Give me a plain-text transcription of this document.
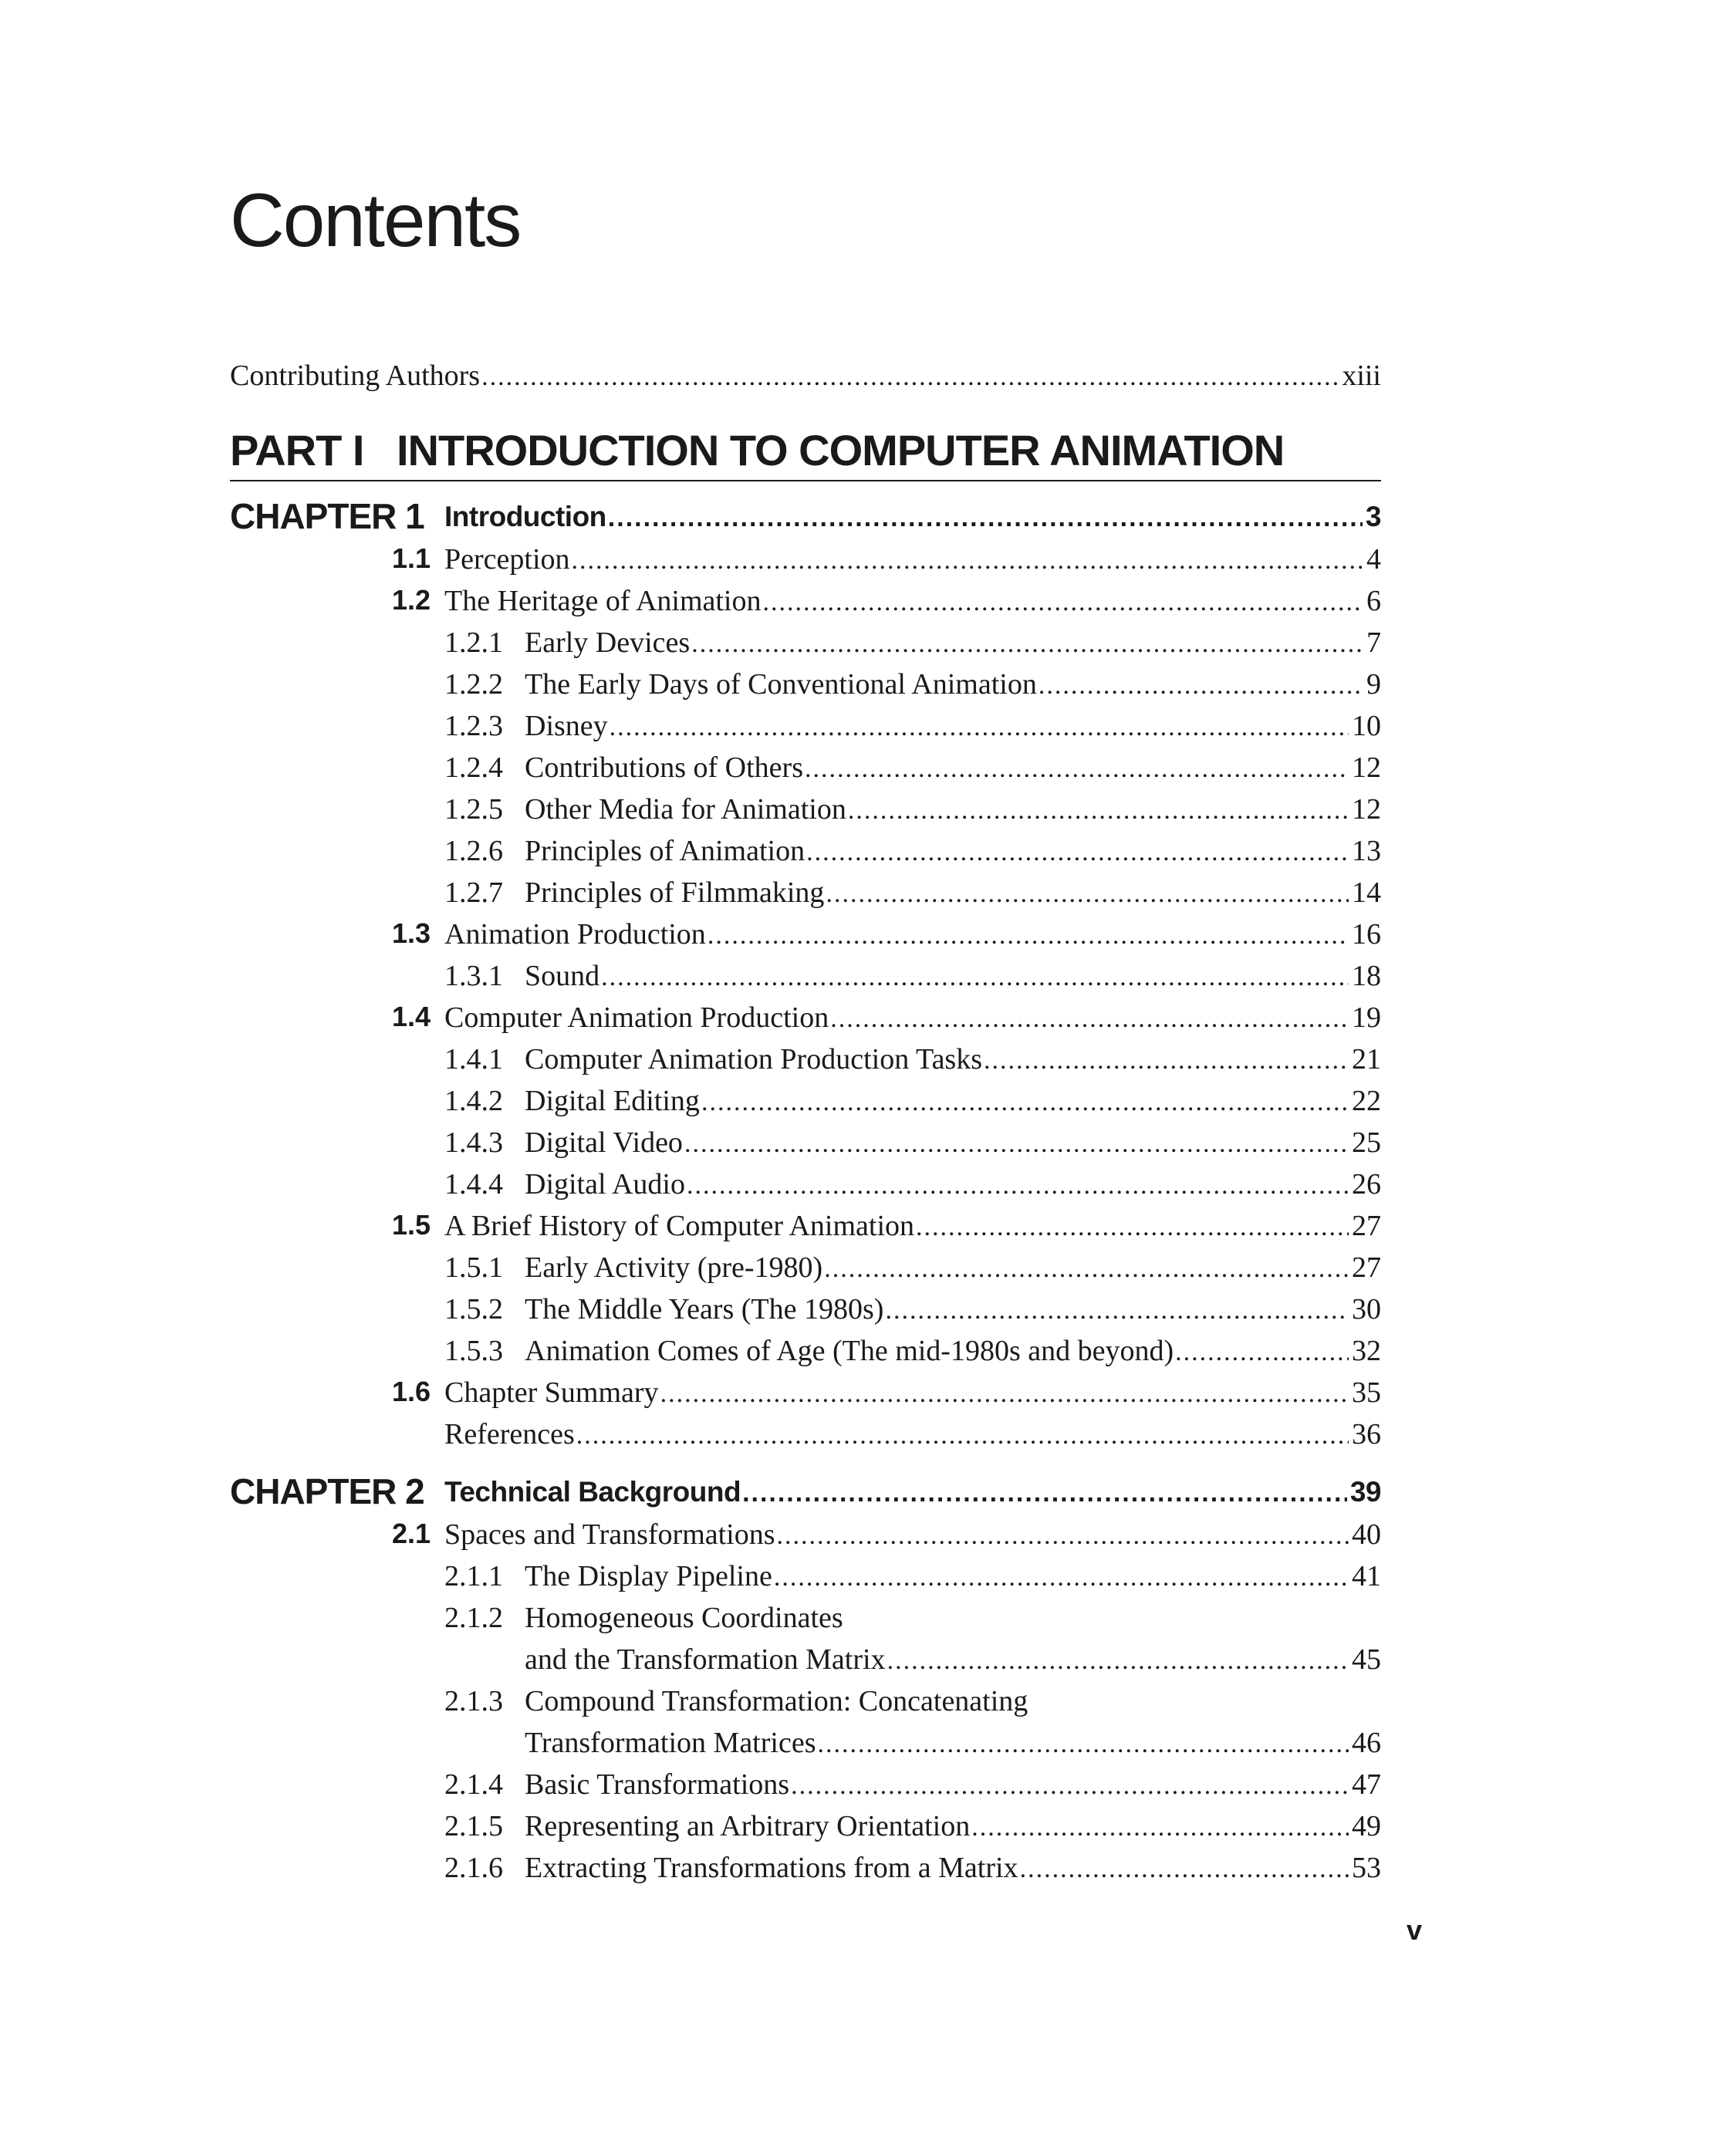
Contents
Contributing Authors .....	xiii
PART I INTRODUCTION TO COMPUTER ANIMATION
CHAPTER 1 Introduction .....	3
1.1 Perception .....	4
1.2 The Heritage of Animation .....	6
1.2.1 Early Devices .....	7
1.2.2 The Early Days of Conventional Animation .....	9
1.2.3 Disney .....	10
1.2.4 Contributions of Others .....	12
1.2.5 Other Media for Animation .....	12
1.2.6 Principles of Animation .....	13
1.2.7 Principles of Filmmaking .....	14
1.3 Animation Production .....	16
1.3.1 Sound .....	18
1.4 Computer Animation Production .....	19
1.4.1 Computer Animation Production Tasks .....	21
1.4.2 Digital Editing .....	22
1.4.3 Digital Video .....	25
1.4.4 Digital Audio .....	26
1.5 A Brief History of Computer Animation .....	27
1.5.1 Early Activity (pre-1980) .....	27
1.5.2 The Middle Years (The 1980s) .....	30
1.5.3 Animation Comes of Age (The mid-1980s and beyond) .....	32
1.6 Chapter Summary .....	35
References .....	36
CHAPTER 2 Technical Background .....	39
2.1 Spaces and Transformations .....	40
2.1.1 The Display Pipeline .....	41
2.1.2 Homogeneous Coordinates
and the Transformation Matrix .....	45
2.1.3 Compound Transformation: Concatenating
Transformation Matrices .....	46
2.1.4 Basic Transformations .....	47
2.1.5 Representing an Arbitrary Orientation .....	49
2.1.6 Extracting Transformations from a Matrix .....	53
v
